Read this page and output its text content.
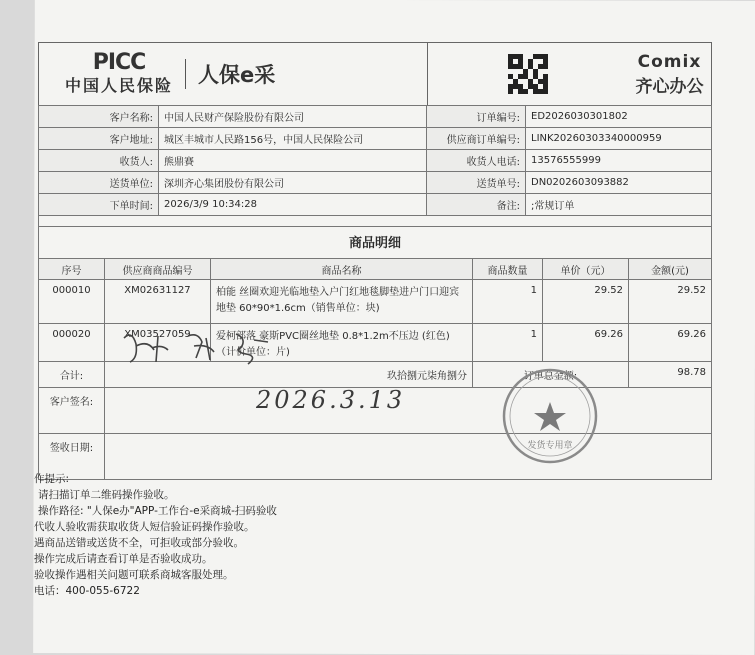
PICC
中国人民保险 人保e采
Comix
齐心办公
客户名称:	中国人民财产保险股份有限公司	订单编号:	ED2026030301802
客户地址:	城区丰城市人民路156号，中国人民保险公司	供应商订单编号:	LINK20260303340000959
收货人:	熊鼎賽	收货人电话:	13576555999
送货单位:	深圳齐心集团股份有限公司	送货单号:	DN0202603093882
下单时间:	2026/3/9 10:34:28	备注:	;常规订单
商品明细					
序号	供应商商品编号	商品名称	商品数量	单价（元）	金额(元)
000010	XM02631127	柏能 丝圈欢迎光临地垫入户门红地毯脚垫进户门口迎宾地垫 60*90*1.6cm（销售单位：块)	1	29.52	29.52
000020	XM03527059	爱柯部落 豪斯PVC圈丝地垫 0.8*1.2m不压边 (红色)（计价单位：片)	1	69.26	69.26
合计:	玖拾捌元柒角捌分		订单总金额:		98.78
客户签名:					
签收日期:					
2026.3.13
发货专用章
作提示:
请扫描订单二维码操作验收。
操作路径: "人保e办"APP-工作台-e采商城-扫码验收
代收人验收需获取收货人短信验证码操作验收。
遇商品送错或送货不全，可拒收或部分验收。
操作完成后请查看订单是否验收成功。
验收操作遇相关问题可联系商城客服处理。
电话：400-055-6722
